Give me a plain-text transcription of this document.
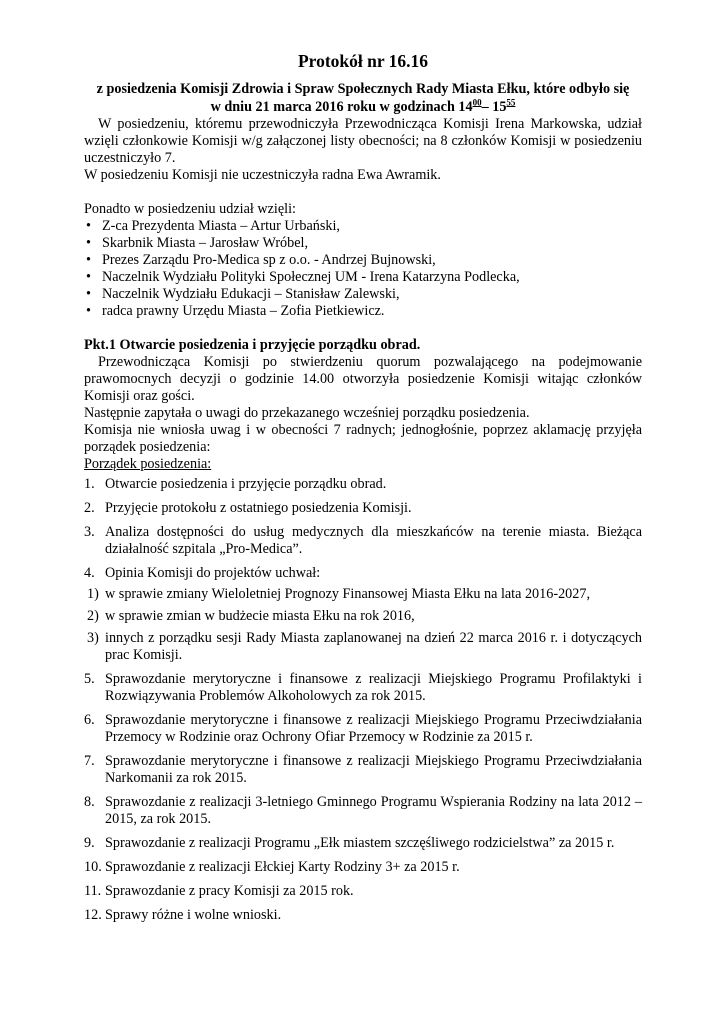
Protokół nr 16.16
z posiedzenia Komisji Zdrowia i Spraw Społecznych Rady Miasta Ełku, które odbyło się
w dniu 21 marca 2016 roku w godzinach $14^{00}-$ $15^{55}$

W posiedzeniu, któremu przewodniczyła Przewodnicząca Komisji Irena Markowska, udział wzięli członkowie Komisji w/g załączonej listy obecności; na 8 członków Komisji w posiedzeniu uczestniczyło 7.

W posiedzeniu Komisji nie uczestniczyła radna Ewa Awramik.

Ponadto w posiedzeniu udział wzięli:

• Z-ca Prezydenta Miasta – Artur Urbański,
• Skarbnik Miasta – Jarosław Wróbel,
• Prezes Zarządu Pro-Medica sp z o.o. - Andrzej Bujnowski,
• Naczelnik Wydziału Polityki Społecznej UM - Irena Katarzyna Podlecka,
• Naczelnik Wydziału Edukacji – Stanisław Zalewski,
• radca prawny Urzędu Miasta – Zofia Pietkiewicz.

Pkt.1 Otwarcie posiedzenia i przyjęcie porządku obrad.

Przewodnicząca Komisji po stwierdzeniu quorum pozwalającego na podejmowanie prawomocnych decyzji o godzinie 14.00 otworzyła posiedzenie Komisji witając członków Komisji oraz gości.

Następnie zapytała o uwagi do przekazanego wcześniej porządku posiedzenia.

Komisja nie wniosła uwag i w obecności 7 radnych; jednogłośnie, poprzez aklamację przyjęła porządek posiedzenia:

Porządek posiedzenia:

1. Otwarcie posiedzenia i przyjęcie porządku obrad.
2. Przyjęcie protokołu z ostatniego posiedzenia Komisji.
3. Analiza dostępności do usług medycznych dla mieszkańców na terenie miasta. Bieżąca działalność szpitala „Pro-Medica”.
4. Opinia Komisji do projektów uchwał:
1) w sprawie zmiany Wieloletniej Prognozy Finansowej Miasta Ełku na lata 2016-2027,
2) w sprawie zmian w budżecie miasta Ełku na rok 2016,
3) innych z porządku sesji Rady Miasta zaplanowanej na dzień 22 marca 2016 r. i dotyczących prac Komisji.
5. Sprawozdanie merytoryczne i finansowe z realizacji Miejskiego Programu Profilaktyki i Rozwiązywania Problemów Alkoholowych za rok 2015.
6. Sprawozdanie merytoryczne i finansowe z realizacji Miejskiego Programu Przeciwdziałania Przemocy w Rodzinie oraz Ochrony Ofiar Przemocy w Rodzinie za 2015 r.
7. Sprawozdanie merytoryczne i finansowe z realizacji Miejskiego Programu Przeciwdziałania Narkomanii za rok 2015.
8. Sprawozdanie z realizacji 3-letniego Gminnego Programu Wspierania Rodziny na lata 2012 – 2015, za rok 2015.
9. Sprawozdanie z realizacji Programu „Ełk miastem szczęśliwego rodzicielstwa” za 2015 r.
10. Sprawozdanie z realizacji Ełckiej Karty Rodziny 3+ za 2015 r.
11. Sprawozdanie z pracy Komisji za 2015 rok.
12. Sprawy różne i wolne wnioski.
